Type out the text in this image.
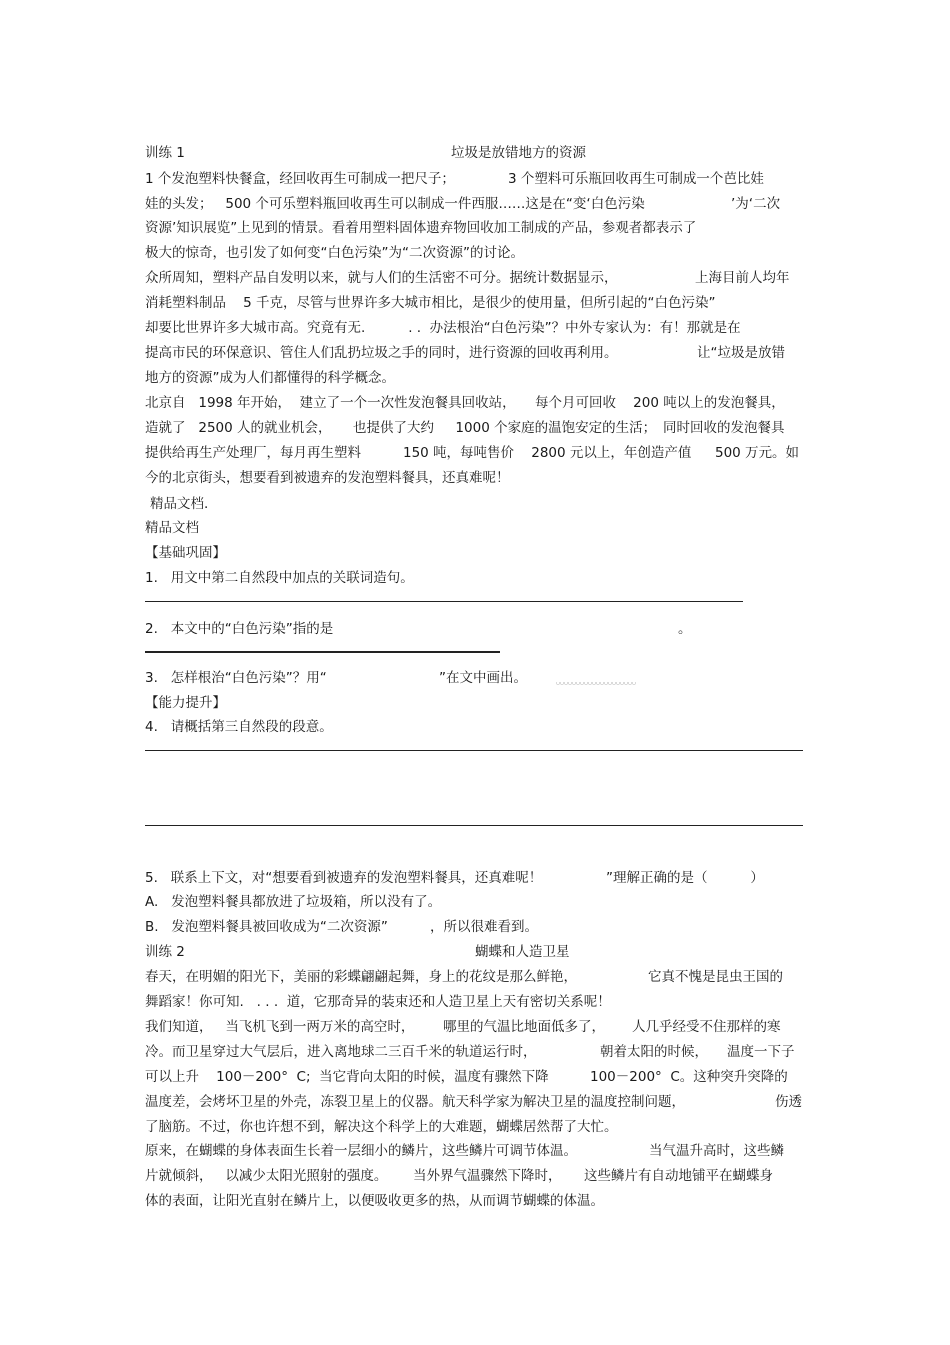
训练 1	垃圾是放错地方的资源
1 个发泡塑料快餐盒，经回收再生可制成一把尺子；	3 个塑料可乐瓶回收再生可制成一个芭比娃
娃的头发；   500 个可乐塑料瓶回收再生可以制成一件西服……这是在“变‘白色污染	’为‘二次
资源’知识展览”上见到的情景。看着用塑料固体遗弃物回收加工制成的产品，参观者都表示了
极大的惊奇，也引发了如何变“白色污染”为“二次资源”的讨论。
众所周知，塑料产品自发明以来，就与人们的生活密不可分。据统计数据显示，	上海目前人均年
消耗塑料制品    5 千克，尽管与世界许多大城市相比，是很少的使用量，但所引起的“白色污染”
却要比世界许多大城市高。究竟有无.          . .  办法根治“白色污染”？中外专家认为：有！那就是在
提高市民的环保意识、管住人们乱扔垃圾之手的同时，进行资源的回收再利用。	让“垃圾是放错
地方的资源”成为人们都懂得的科学概念。
北京自   1998 年开始，  建立了一个一次性发泡餐具回收站， 每个月可回收    200 吨以上的发泡餐具，
造就了   2500 人的就业机会，     也提供了大约     1000 个家庭的温饱安定的生活； 同时回收的发泡餐具
提供给再生产处理厂，每月再生塑料	150 吨，每吨售价    2800 元以上，年创造产值 500 万元。如
今的北京街头，想要看到被遗弃的发泡塑料餐具，还真难呢！
精品文档.
精品文档
【基础巩固】
1.   用文中第二自然段中加点的关联词造句。
2.   本文中的“白色污染”指的是	。
3.   怎样根治“白色污染”？用“	”在文中画出。
【能力提升】
4.   请概括第三自然段的段意。
5.   联系上下文，对“想要看到被遗弃的发泡塑料餐具，还真难呢！	”理解正确的是（          ）
A.   发泡塑料餐具都放进了垃圾箱，所以没有了。
B.   发泡塑料餐具被回收成为“二次资源”	，所以很难看到。
训练 2	蝴蝶和人造卫星
春天，在明媚的阳光下，美丽的彩蝶翩翩起舞，身上的花纹是那么鲜艳，	它真不愧是昆虫王国的
舞蹈家！你可知.   . . .  道，它那奇异的装束还和人造卫星上天有密切关系呢！
我们知道，   当飞机飞到一两万米的高空时， 哪里的气温比地面低多了， 人几乎经受不住那样的寒
冷。而卫星穿过大气层后，进入离地球二三百千米的轨道运行时，	朝着太阳的时候， 温度一下子
可以上升    100－200°  C;  当它背向太阳的时候，温度有骤然下降	100－200°  C。这种突升突降的
温度差，会烤坏卫星的外壳，冻裂卫星上的仪器。航天科学家为解决卫星的温度控制问题，	伤透
了脑筋。不过，你也许想不到，解决这个科学上的大难题，蝴蝶居然帮了大忙。
原来，在蝴蝶的身体表面生长着一层细小的鳞片，这些鳞片可调节体温。	当气温升高时，这些鳞
片就倾斜，   以减少太阳光照射的强度。 当外界气温骤然下降时， 这些鳞片有自动地铺平在蝴蝶身
体的表面，让阳光直射在鳞片上，以便吸收更多的热，从而调节蝴蝶的体温。
